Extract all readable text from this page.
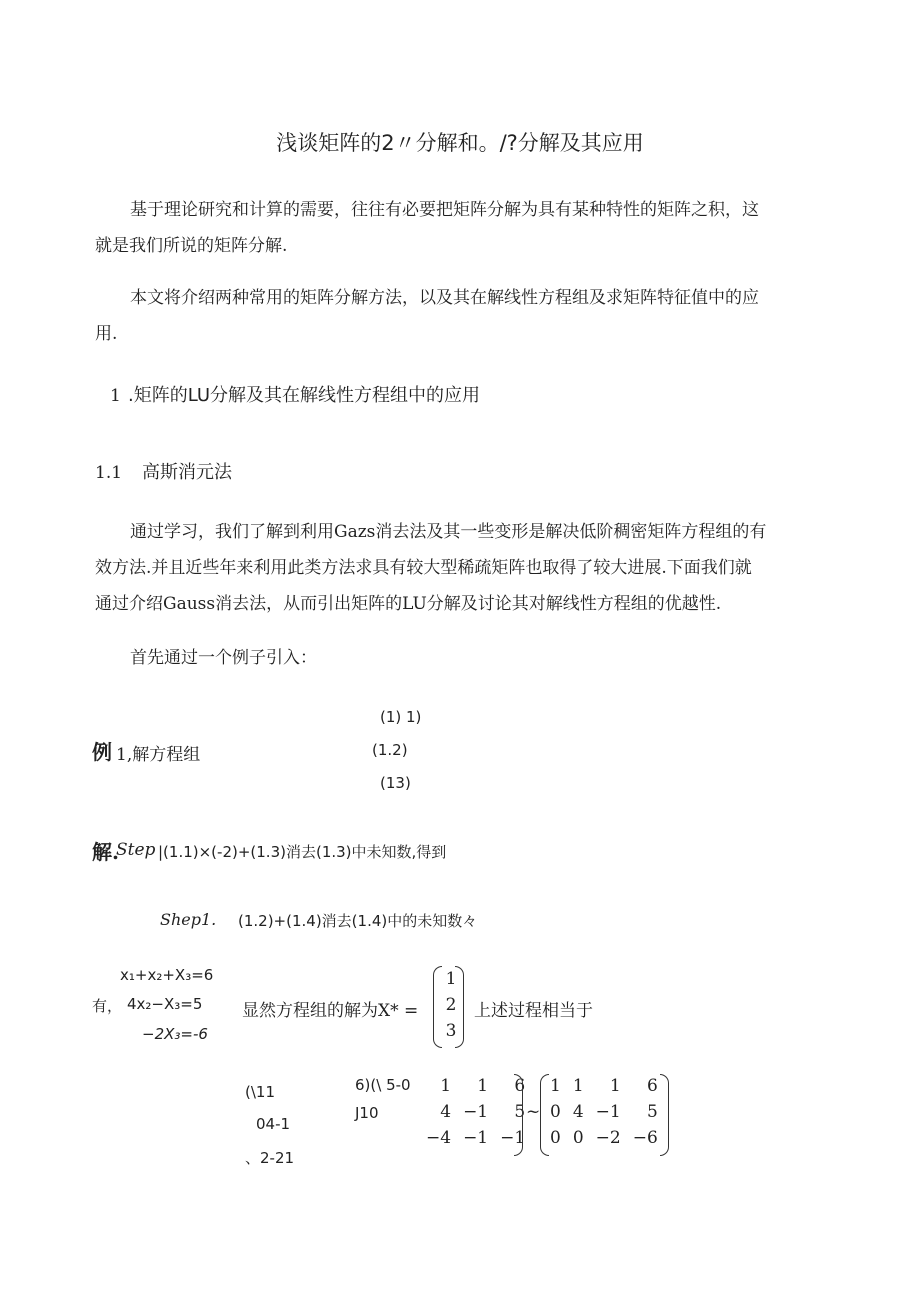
浅谈矩阵的2〃分解和。/?分解及其应用
基于理论研究和计算的需要，往往有必要把矩阵分解为具有某种特性的矩阵之积，这
就是我们所说的矩阵分解.
本文将介绍两种常用的矩阵分解方法，以及其在解线性方程组及求矩阵特征值中的应
用.
1 .矩阵的LU分解及其在解线性方程组中的应用
1.1 高斯消元法
通过学习，我们了解到利用Gazs消去法及其一些变形是解决低阶稠密矩阵方程组的有
效方法.并且近些年来利用此类方法求具有较大型稀疏矩阵也取得了较大进展.下面我们就
通过介绍Gauss消去法，从而引出矩阵的LU分解及讨论其对解线性方程组的优越性.
首先通过一个例子引入：
(1) 1)
例 1,解方程组	(1.2)
(13)
解.
Step |(1.1)×(-2)+(1.3)消去(1.3)中未知数,得到
Shep1. (1.2)+(1.4)消去(1.4)中的未知数々
x₁+x₂+X₃=6
有， 4x₂−X₃=5
−2X₃=-6
显然方程组的解为X* =
1
2
3
上述过程相当于
(\11
04-1
、2-21
6)(\ 5-0
J10
1	1	6
4	−1	5
−4	−1	−1
~
1	1	1	6
0	4	−1	5
0	0	−2	−6
